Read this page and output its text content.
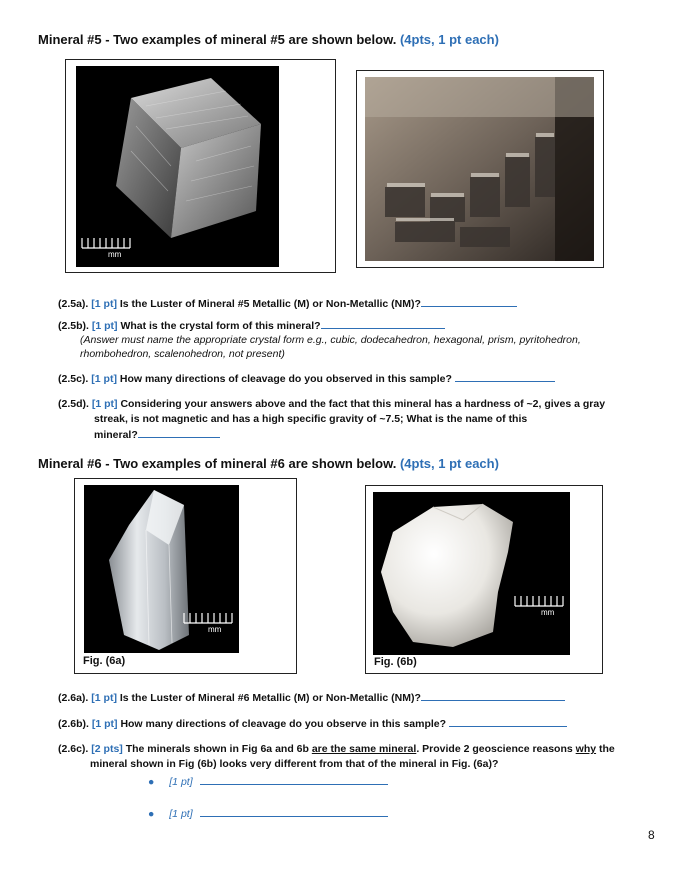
Mineral #5 - Two examples of mineral #5 are shown below. (4pts, 1 pt each)
mm
(2.5a). [1 pt] Is the Luster of Mineral #5 Metallic (M) or Non-Metallic (NM)?
(2.5b). [1 pt] What is the crystal form of this mineral?
(Answer must name the appropriate crystal form e.g., cubic, dodecahedron, hexagonal, prism, pyritohedron, rhombohedron, scalenohedron, not present)
(2.5c). [1 pt] How many directions of cleavage do you observed in this sample?
(2.5d). [1 pt] Considering your answers above and the fact that this mineral has a hardness of ~2, gives a gray
streak, is not magnetic and has a high specific gravity of ~7.5; What is the name of this
mineral?
Mineral #6 - Two examples of mineral #6 are shown below. (4pts, 1 pt each)
mm
Fig. (6a)
mm
Fig. (6b)
(2.6a). [1 pt] Is the Luster of Mineral #6 Metallic (M) or Non-Metallic (NM)?
(2.6b). [1 pt] How many directions of cleavage do you observe in this sample?
(2.6c). [2 pts] The minerals shown in Fig 6a and 6b are the same mineral. Provide 2 geoscience reasons why the
mineral shown in Fig (6b) looks very different from that of the mineral in Fig. (6a)?
● [1 pt]
● [1 pt]
8
